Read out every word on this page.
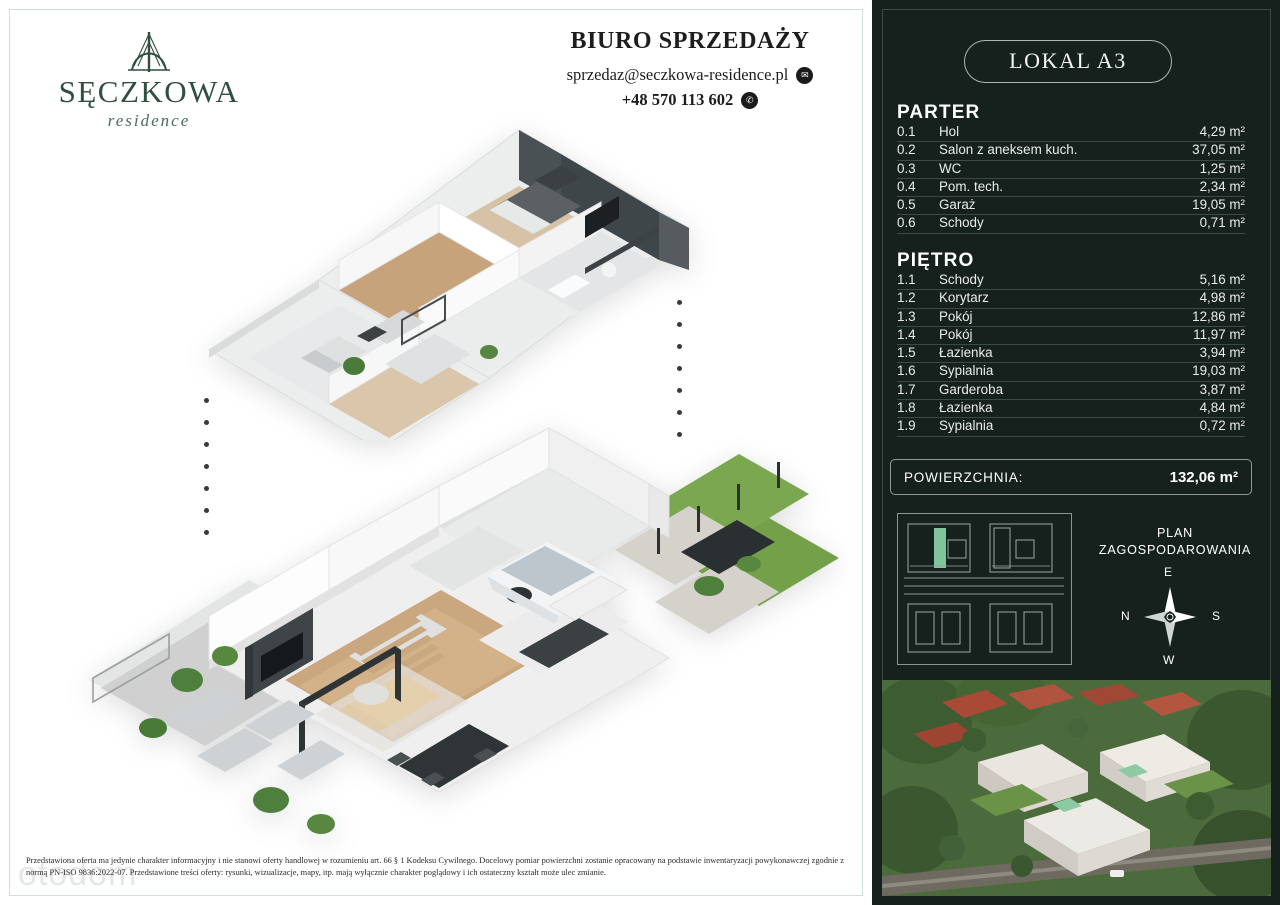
SĘCZKOWA
residence
BIURO SPRZEDAŻY
sprzedaz@seczkowa-residence.pl	✉
+48 570 113 602	✆
otodom
Przedstawiona oferta ma jedynie charakter informacyjny i nie stanowi oferty handlowej w rozumieniu art. 66 § 1 Kodeksu Cywilnego. Docelowy pomiar powierzchni zostanie opracowany na podstawie inwentaryzacji powykonawczej zgodnie z normą PN-ISO 9836:2022-07. Przedstawione treści oferty: rysunki, wizualizacje, mapy, itp. mają wyłącznie charakter poglądowy i ich ostateczny kształt może ulec zmianie.
LOKAL A3
PARTER
0.1	Hol	4,29 m²
0.2	Salon z aneksem kuch.	37,05 m²
0.3	WC	1,25 m²
0.4	Pom. tech.	2,34 m²
0.5	Garaż	19,05 m²
0.6	Schody	0,71 m²
PIĘTRO
1.1	Schody	5,16 m²
1.2	Korytarz	4,98 m²
1.3	Pokój	12,86 m²
1.4	Pokój	11,97 m²
1.5	Łazienka	3,94 m²
1.6	Sypialnia	19,03 m²
1.7	Garderoba	3,87 m²
1.8	Łazienka	4,84 m²
1.9	Sypialnia	0,72 m²
POWIERZCHNIA:	132,06 m²
PLAN
ZAGOSPODAROWANIA
N	S
E
W
